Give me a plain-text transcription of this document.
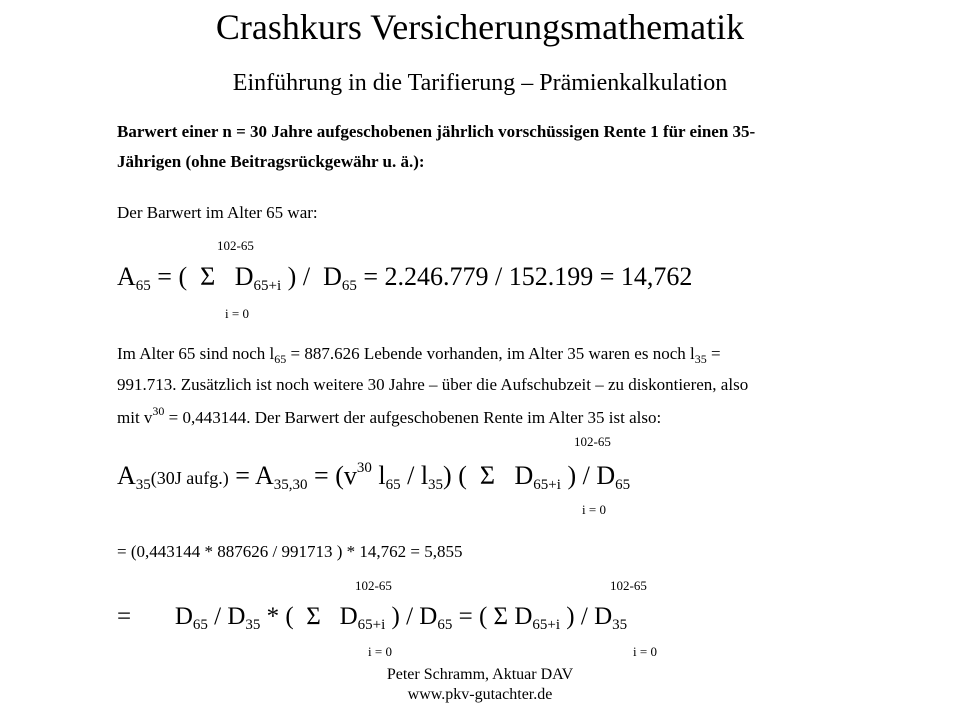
Crashkurs Versicherungsmathematik
Einführung in die Tarifierung – Prämienkalkulation
Barwert einer n = 30 Jahre aufgeschobenen jährlich vorschüssigen Rente 1 für einen 35-
Jährigen (ohne Beitragsrückgewähr u. ä.):
Der Barwert im Alter 65 war:
102-65
$A_{65}$ = ( Σ $D_{65+i}$ ) / $D_{65} = 2.246.779 / 152.199 = 14,762$
i = 0
Im Alter 65 sind noch $l_{65} = 887.626$ Lebende vorhanden, im Alter 35 waren es noch $l_{35}$ =
991.713. Zusätzlich ist noch weitere 30 Jahre – über die Aufschubzeit – zu diskontieren, also
mit $v^{30} = 0,443144$. Der Barwert der aufgeschobenen Rente im Alter 35 ist also:
102-65
$A_{35}(30J$ aufg.) = $A_{35,30} = (v^{30}$ $l_{65} / l_{35}$) ( Σ $D_{65+i}$ ) / $D_{65}$
i = 0
= (0,443144 * 887626 / 991713 ) * 14,762 = 5,855
102-65	102-65
= $D_{65} / D_{35}$ * ( Σ $D_{65+i}$ ) / $D_{65}$ = ( Σ $D_{65+i}$ ) / $D_{35}$
i = 0	i = 0
Peter Schramm, Aktuar DAV
www.pkv-gutachter.de
